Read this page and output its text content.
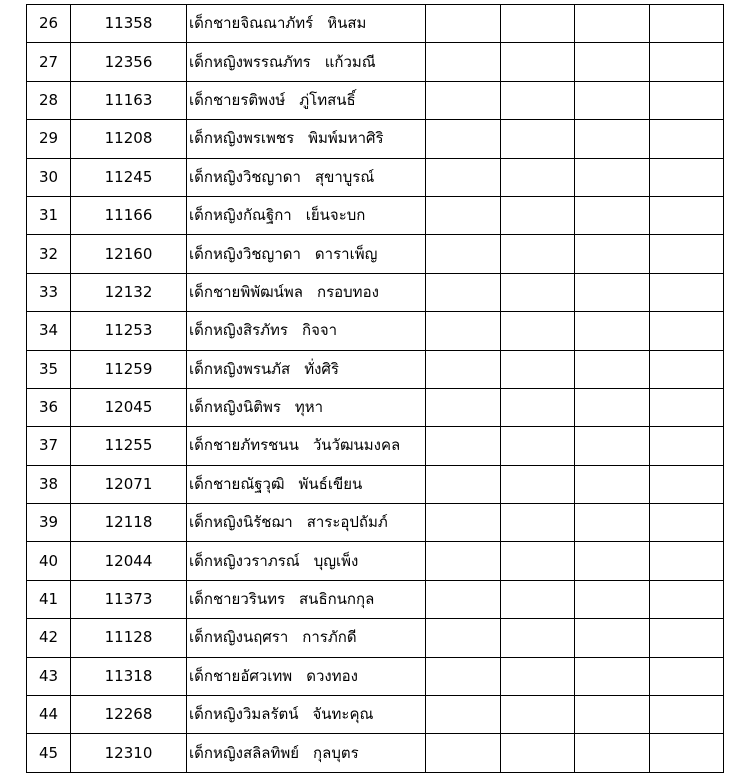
26	11358	เด็กชายจิณณาภัทร์ หินสม				
27	12356	เด็กหญิงพรรณภัทร แก้วมณี				
28	11163	เด็กชายรติพงษ์ ภู่โทสนธิ์				
29	11208	เด็กหญิงพรเพชร พิมพ์มหาศิริ				
30	11245	เด็กหญิงวิชญาดา สุขาบูรณ์				
31	11166	เด็กหญิงกัณฐิกา เย็นจะบก				
32	12160	เด็กหญิงวิชญาดา ดาราเพ็ญ				
33	12132	เด็กชายพิพัฒน์พล กรอบทอง				
34	11253	เด็กหญิงสิรภัทร กิจจา				
35	11259	เด็กหญิงพรนภัส ทั่งศิริ				
36	12045	เด็กหญิงนิติพร ทุหา				
37	11255	เด็กชายภัทรชนน วันวัฒนมงคล				
38	12071	เด็กชายณัฐวุฒิ พันธ์เขียน				
39	12118	เด็กหญิงนิรัชฌา สาระอุปถัมภ์				
40	12044	เด็กหญิงวราภรณ์ บุญเพ็ง				
41	11373	เด็กชายวรินทร สนธิกนกกุล				
42	11128	เด็กหญิงนฤศรา การภักดี				
43	11318	เด็กชายอัศวเทพ ดวงทอง				
44	12268	เด็กหญิงวิมลรัตน์ จันทะคุณ				
45	12310	เด็กหญิงสลิลทิพย์ กุลบุตร				
